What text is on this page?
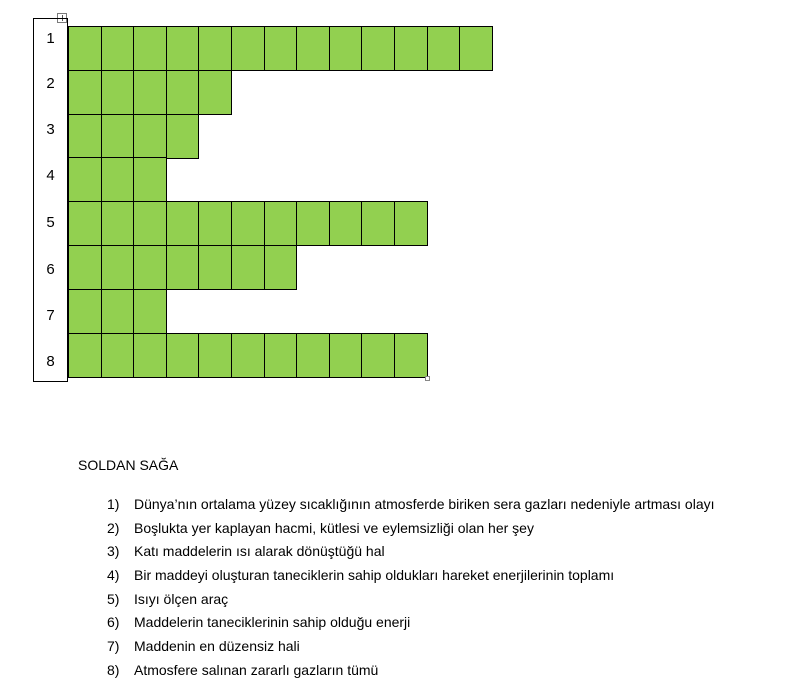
1
2
3
4
5
6
7
8
SOLDAN SAĞA
1) Dünya’nın ortalama yüzey sıcaklığının atmosferde biriken sera gazları nedeniyle artması olayı
2) Boşlukta yer kaplayan hacmi, kütlesi ve eylemsizliği olan her şey
3) Katı maddelerin ısı alarak dönüştüğü hal
4) Bir maddeyi oluşturan taneciklerin sahip oldukları hareket enerjilerinin toplamı
5) Isıyı ölçen araç
6) Maddelerin taneciklerinin sahip olduğu enerji
7) Maddenin en düzensiz hali
8) Atmosfere salınan zararlı gazların tümü
